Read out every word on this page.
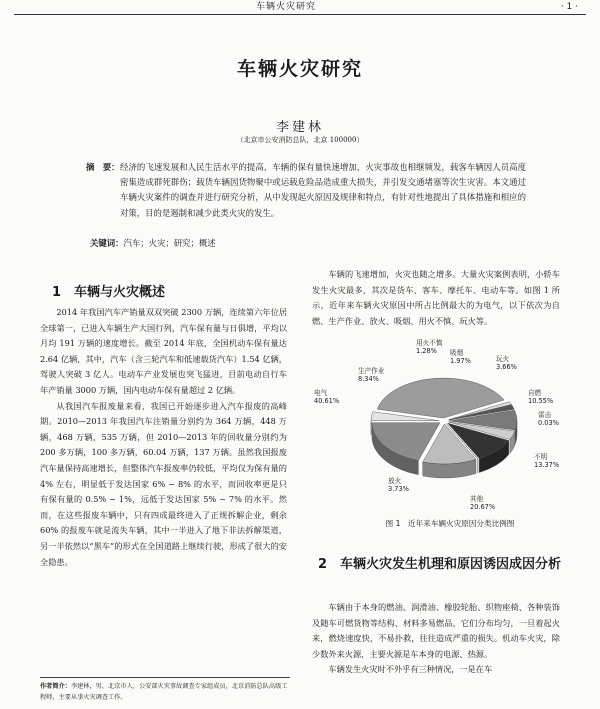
车辆火灾研究	· 1 ·
车辆火灾研究
李建林
（北京市公安消防总队，北京 100000）
摘　要： 经济的飞速发展和人民生活水平的提高，车辆的保有量快速增加，火灾事故也相继频发，载客车辆因人员高度密集造成群死群伤；载货车辆因货物聚中或运载危险品造成重大损失，并引发交通堵塞等次生灾害。本文通过车辆火灾案件的调查并进行研究分析，从中发现起火原因及规律和特点，有针对性地提出了具体措施和相应的对策，目的是遏制和减少此类火灾的发生。
关键词：汽车；火灾；研究；概述
1　车辆与火灾概述

2014 年我国汽车产销量双双突破 2300 万辆，连续第六年位居全球第一，已进入车辆生产大国行列，汽车保有量与日俱增，平均以月均 191 万辆的速度增长。截至 2014 年底，全国机动车保有量达 2.64 亿辆，其中，汽车（含三轮汽车和低速载货汽车）1.54 亿辆，驾驶人突破 3 亿人。电动车产业发展也突飞猛进，目前电动自行车年产销量 3000 万辆，国内电动车保有量超过 2 亿辆。

从我国汽车报废量来看，我国已开始逐步进入汽车报废的高峰期。2010—2013 年我国汽车注销量分别约为 364 万辆，448 万辆，468 万辆，535 万辆，但 2010—2013 年的回收量分别约为 200 多万辆，100 多万辆，60.04 万辆，137 万辆。虽然我国报废汽车量保持高速增长，但整体汽车报废率仍较低，平均仅为保有量的 4% 左右，明显低于发达国家 6% ~ 8% 的水平，而回收率更是只有保有量的 0.5% ~ 1%，远低于发达国家 5% ~ 7% 的水平。然而，在这些报废车辆中，只有四成最终进入了正规拆解企业，剩余 60% 的报废车就是流失车辆，其中一半进入了地下非法拆解渠道，另一半依然以“黑车”的形式在全国道路上继续行驶，形成了很大的安全隐患。

车辆的飞速增加，火灾也随之增多。大量火灾案例表明，小轿车发生火灾最多，其次是货车、客车、摩托车、电动车等。如图 1 所示，近年来车辆火灾原因中所占比例最大的为电气，以下依次为自燃、生产作业、放火、吸烟、用火不慎、玩火等。

电气
40.61%
用火不慎
1.28% 吸烟
1.97%
生产作业
8.34%
玩火
3.66%
自燃
10.55%
雷击
0.03%
不明
13.37%
其他
20.67%
放火
3.73%
图 1　近年来车辆火灾原因分类比例图
2　车辆火灾发生机理和原因诱因成因分析

车辆由于本身的燃油、润滑油、橡胶轮胎、织物座椅、各种装饰及随车可燃货物等结构、材料多易燃品，它们分布均匀，一旦着起火来，燃烧速度快，不易扑救，往往造成严重的损失。机动车火灾，除少数外来火源，主要火源是车本身的电源、热源。

车辆发生火灾时不外乎有三种情况，一是在车

作者简介：李建林，男，北京市人，公安部火灾事故调查专家组成员，北京消防总队高级工程师，主要从事火灾调查工作。
